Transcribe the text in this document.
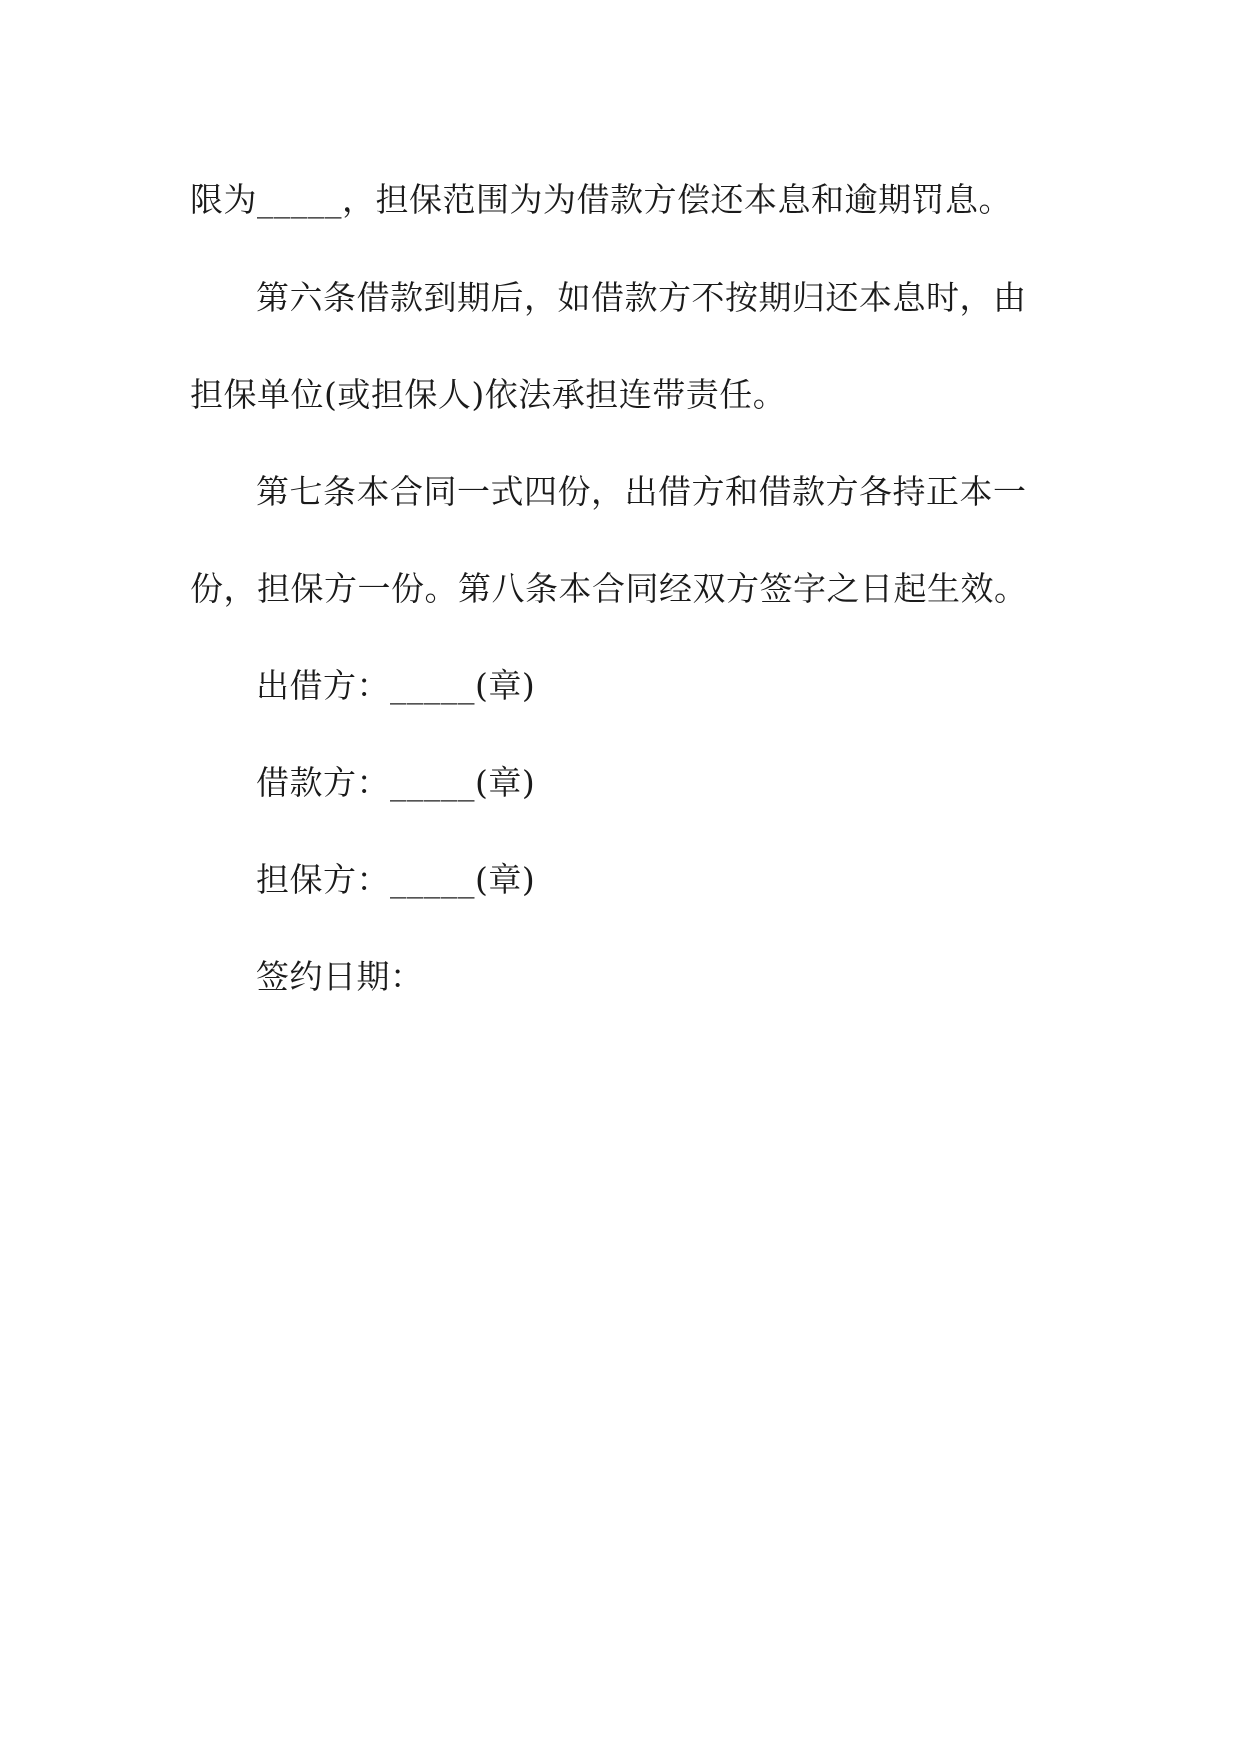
限为_____，担保范围为为借款方偿还本息和逾期罚息。
第六条借款到期后，如借款方不按期归还本息时，由
担保单位(或担保人)依法承担连带责任。
第七条本合同一式四份，出借方和借款方各持正本一
份，担保方一份。第八条本合同经双方签字之日起生效。
出借方：_____(章)
借款方：_____(章)
担保方：_____(章)
签约日期：
